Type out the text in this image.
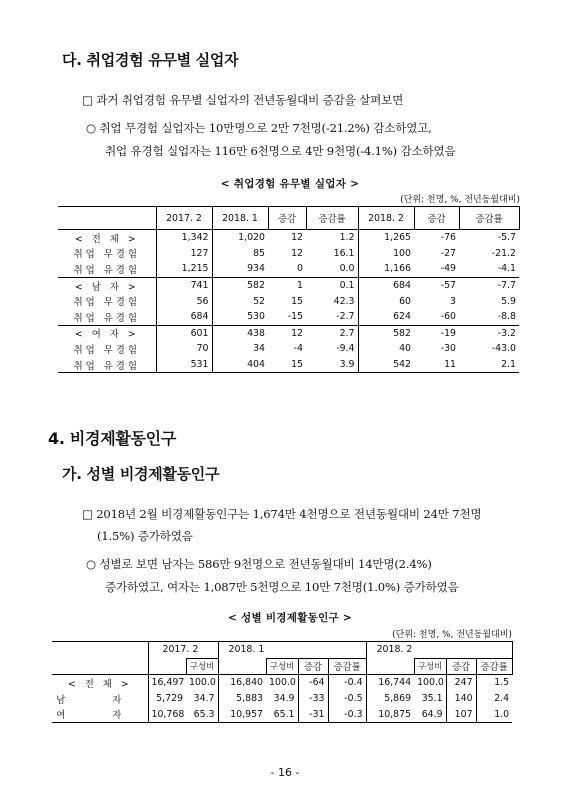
다. 취업경험 유무별 실업자
□ 과거 취업경험 유무별 실업자의 전년동월대비 증감을 살펴보면
○ 취업 무경험 실업자는 10만명으로 2만 7천명(-21.2%) 감소하였고,
취업 유경험 실업자는 116만 6천명으로 4만 9천명(-4.1%) 감소하였음
< 취업경험 유무별 실업자 >
(단위: 천명, %, 전년동월대비)
	2017. 2	2018. 1	증감	증감률	2018. 2	증감	증감률
< 전 체 >	1,342	1,020	12	1.2	1,265	-76	-5.7
취업 무경험	127	85	12	16.1	100	-27	-21.2
취업 유경험	1,215	934	0	0.0	1,166	-49	-4.1
< 남 자 >	741	582	1	0.1	684	-57	-7.7
취업 무경험	56	52	15	42.3	60	3	5.9
취업 유경험	684	530	-15	-2.7	624	-60	-8.8
< 여 자 >	601	438	12	2.7	582	-19	-3.2
취업 무경험	70	34	-4	-9.4	40	-30	-43.0
취업 유경험	531	404	15	3.9	542	11	2.1
4. 비경제활동인구
가. 성별 비경제활동인구
□ 2018년 2월 비경제활동인구는 1,674만 4천명으로 전년동월대비 24만 7천명
(1.5%) 증가하였음
○ 성별로 보면 남자는 586만 9천명으로 전년동월대비 14만명(2.4%)
증가하였고, 여자는 1,087만 5천명으로 10만 7천명(1.0%) 증가하였음
< 성별 비경제활동인구 >
(단위: 천명, %, 전년동월대비)
	2017. 2		2018. 1				2018. 2			
		구성비		구성비	증감	증감률		구성비	증감	증감률
< 전 체 >	16,497	100.0	16,840	100.0	-64	-0.4	16,744	100.0	247	1.5
남 자	5,729	34.7	5,883	34.9	-33	-0.5	5,869	35.1	140	2.4
여 자	10,768	65.3	10,957	65.1	-31	-0.3	10,875	64.9	107	1.0
- 16 -
